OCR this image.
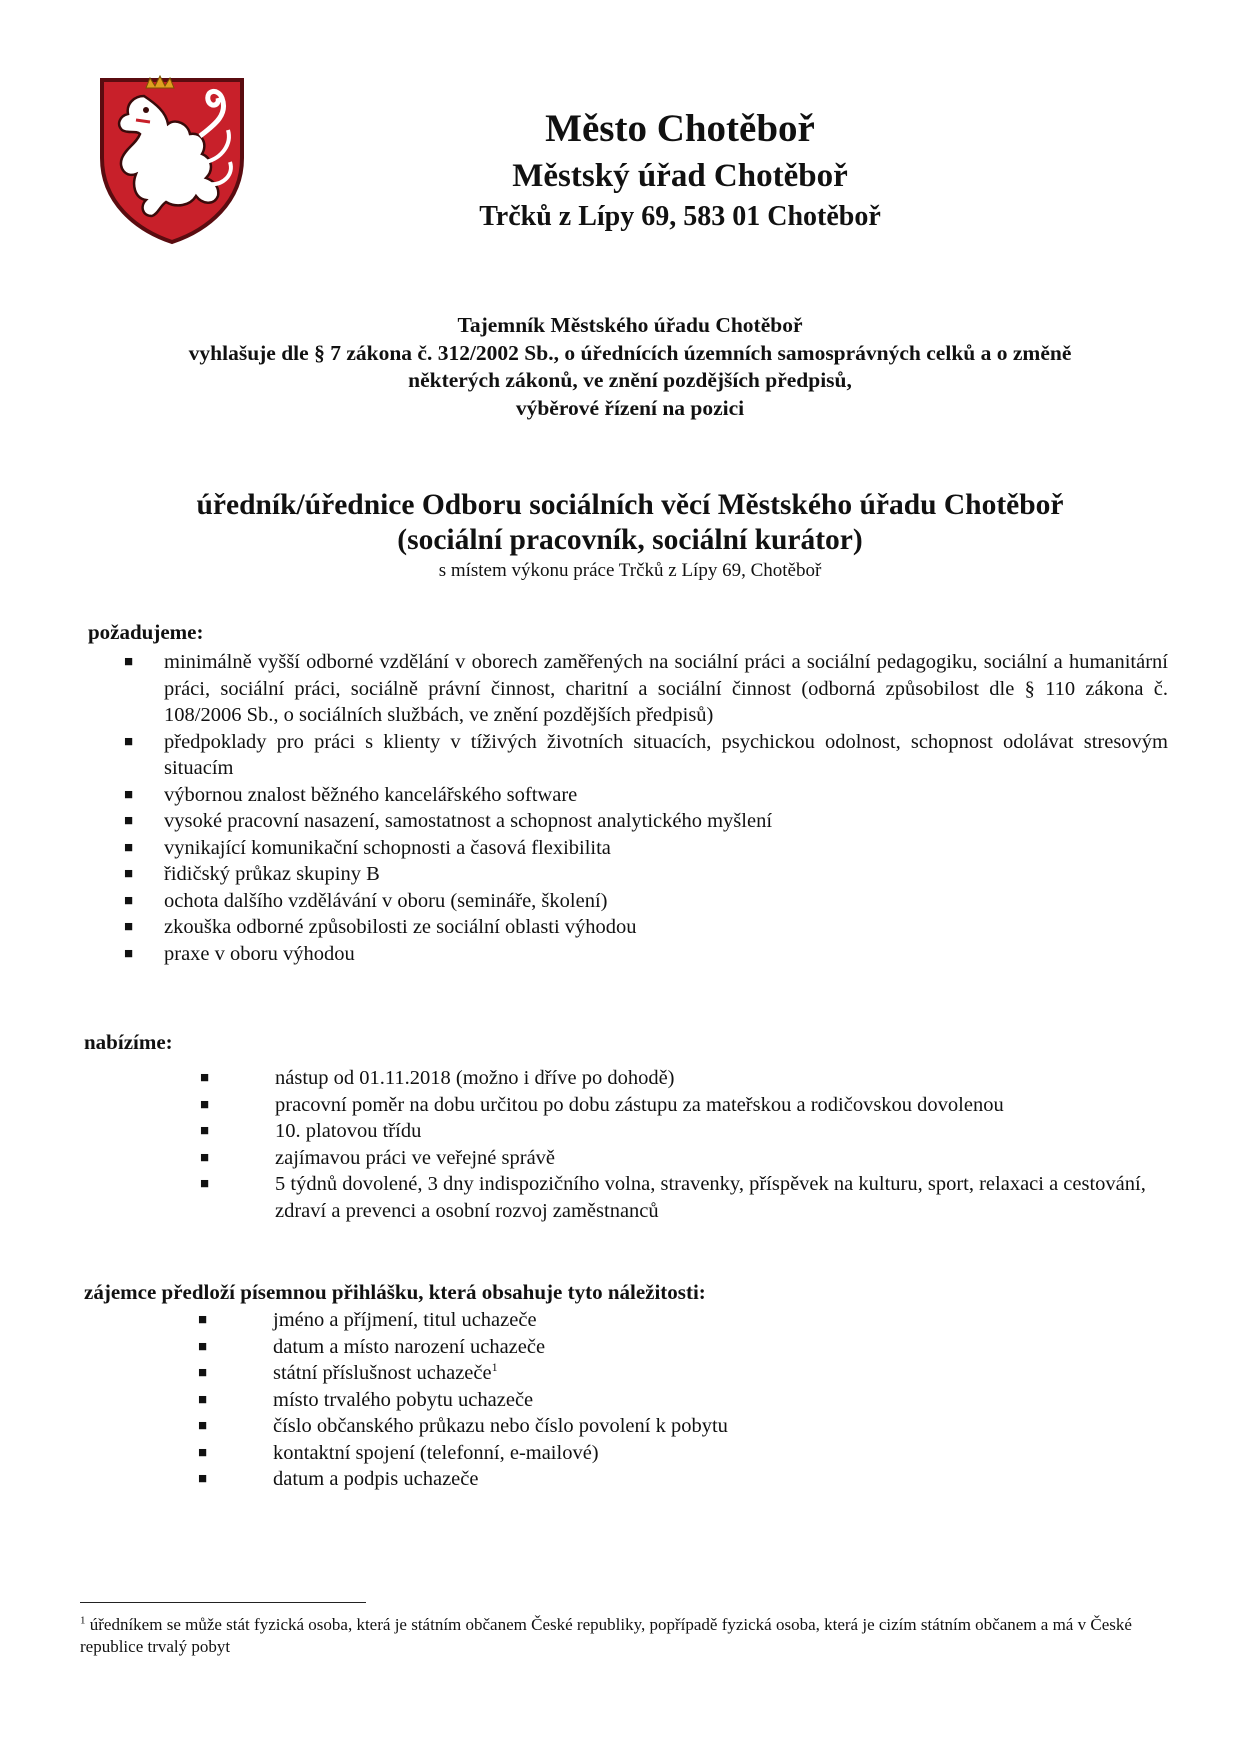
Město Chotěboř
Městský úřad Chotěboř
Trčků z Lípy 69, 583 01 Chotěboř
Tajemník Městského úřadu Chotěboř
vyhlašuje dle § 7 zákona č. 312/2002 Sb., o úřednících územních samosprávných celků a o změně
některých zákonů, ve znění pozdějších předpisů,
výběrové řízení na pozici
úředník/úřednice Odboru sociálních věcí Městského úřadu Chotěboř
(sociální pracovník, sociální kurátor)
s místem výkonu práce Trčků z Lípy 69, Chotěboř
požadujeme:
■ minimálně vyšší odborné vzdělání v oborech zaměřených na sociální práci a sociální pedagogiku, sociální a humanitární práci, sociální práci, sociálně právní činnost, charitní a sociální činnost (odborná způsobilost dle § 110 zákona č. 108/2006 Sb., o sociálních službách, ve znění pozdějších předpisů)
■ předpoklady pro práci s klienty v tíživých životních situacích, psychickou odolnost, schopnost odolávat stresovým situacím
■ výbornou znalost běžného kancelářského software
■ vysoké pracovní nasazení, samostatnost a schopnost analytického myšlení
■ vynikající komunikační schopnosti a časová flexibilita
■ řidičský průkaz skupiny B
■ ochota dalšího vzdělávání v oboru (semináře, školení)
■ zkouška odborné způsobilosti ze sociální oblasti výhodou
■ praxe v oboru výhodou
nabízíme:
■	nástup od 01.11.2018 (možno i dříve po dohodě)
■	pracovní poměr na dobu určitou po dobu zástupu za mateřskou a rodičovskou dovolenou
■	10. platovou třídu
■	zajímavou práci ve veřejné správě
■	5 týdnů dovolené, 3 dny indispozičního volna, stravenky, příspěvek na kulturu, sport, relaxaci a cestování, zdraví a prevenci a osobní rozvoj zaměstnanců
zájemce předloží písemnou přihlášku, která obsahuje tyto náležitosti:
■	jméno a příjmení, titul uchazeče
■	datum a místo narození uchazeče
■	státní příslušnost uchazeče$^1$
■	místo trvalého pobytu uchazeče
■	číslo občanského průkazu nebo číslo povolení k pobytu
■	kontaktní spojení (telefonní, e-mailové)
■	datum a podpis uchazeče
$^1$ úředníkem se může stát fyzická osoba, která je státním občanem České republiky, popřípadě fyzická osoba, která je cizím státním občanem a má v České republice trvalý pobyt
